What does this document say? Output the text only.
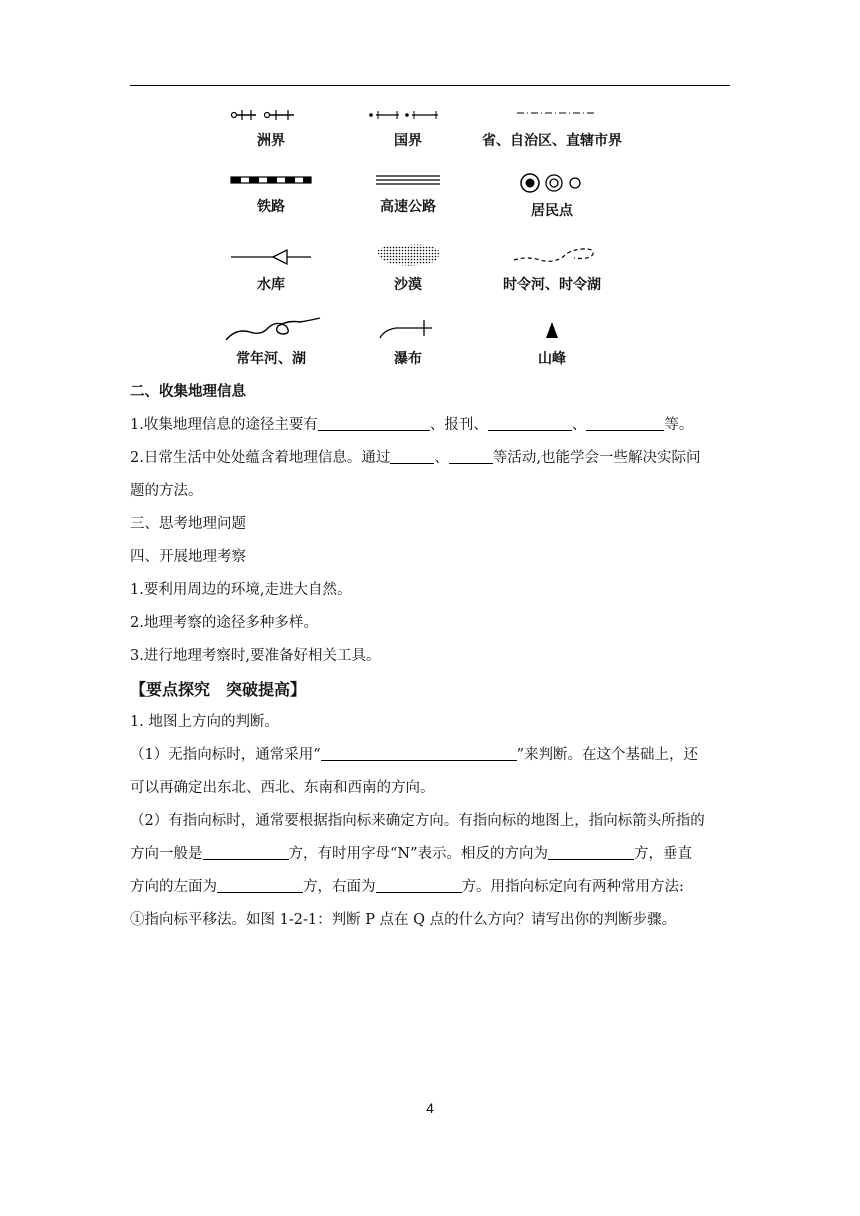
洲界	国界	省、自治区、直辖市界
铁路	高速公路	居民点
水库	沙漠	时令河、时令湖
常年河、湖	瀑布	山峰
二、收集地理信息
1.收集地理信息的途径主要有	、报刊、	、	等。
2.日常生活中处处蕴含着地理信息。通过	、	等活动,也能学会一些解决实际问
题的方法。
三、思考地理问题
四、开展地理考察
1.要利用周边的环境,走进大自然。
2.地理考察的途径多种多样。
3.进行地理考察时,要准备好相关工具。
【要点探究　突破提高】
1. 地图上方向的判断。
（1）无指向标时，通常采用“	”来判断。在这个基础上，还
可以再确定出东北、西北、东南和西南的方向。
（2）有指向标时，通常要根据指向标来确定方向。有指向标的地图上，指向标箭头所指的
方向一般是	方，有时用字母“N”表示。相反的方向为	方，垂直
方向的左面为	方，右面为	方。用指向标定向有两种常用方法:
①指向标平移法。如图 1-2-1：判断 P 点在 Q 点的什么方向？请写出你的判断步骤。
4
